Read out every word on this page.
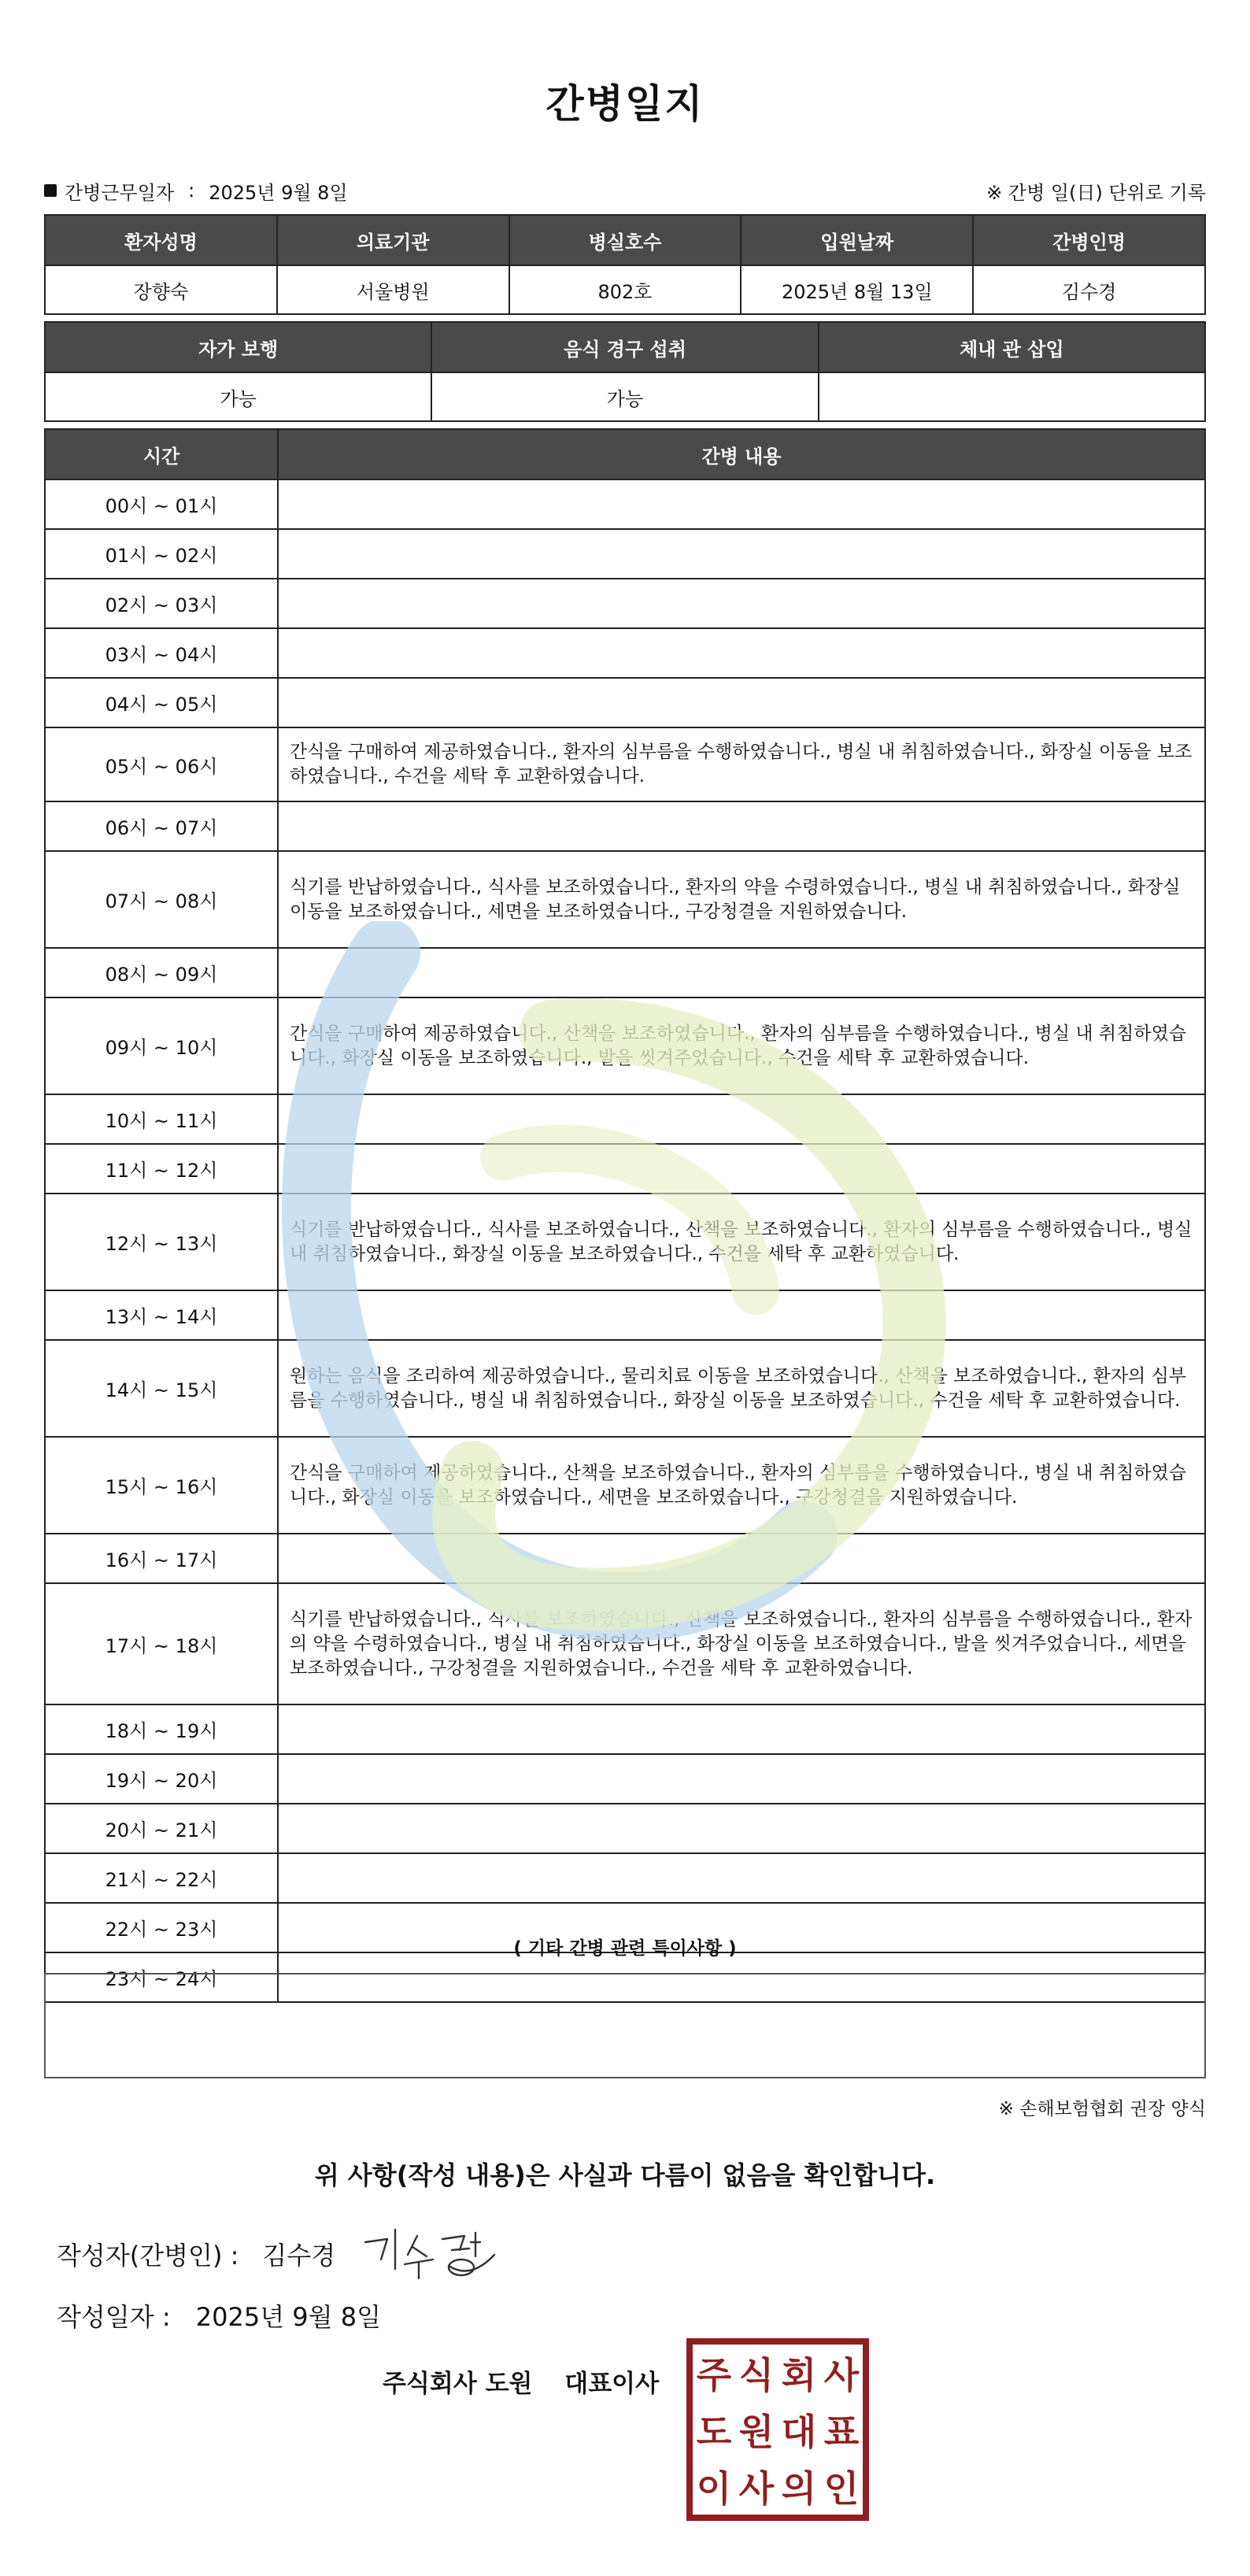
간병일지
간병근무일자 : 2025년 9월 8일	※ 간병 일(日) 단위로 기록
환자성명	의료기관	병실호수	입원날짜	간병인명
장향숙	서울병원	802호	2025년 8월 13일	김수경
자가 보행	음식 경구 섭취	체내 관 삽입
가능	가능	
시간	간병 내용
00시 ~ 01시	
01시 ~ 02시	
02시 ~ 03시	
03시 ~ 04시	
04시 ~ 05시	
05시 ~ 06시	간식을 구매하여 제공하였습니다., 환자의 심부름을 수행하였습니다., 병실 내 취침하였습니다., 화장실 이동을 보조하였습니다., 수건을 세탁 후 교환하였습니다.
06시 ~ 07시	
07시 ~ 08시	식기를 반납하였습니다., 식사를 보조하였습니다., 환자의 약을 수령하였습니다., 병실 내 취침하였습니다., 화장실 이동을 보조하였습니다., 세면을 보조하였습니다., 구강청결을 지원하였습니다.
08시 ~ 09시	
09시 ~ 10시	간식을 구매하여 제공하였습니다., 산책을 보조하였습니다., 환자의 심부름을 수행하였습니다., 병실 내 취침하였습니다., 화장실 이동을 보조하였습니다., 발을 씻겨주었습니다., 수건을 세탁 후 교환하였습니다.
10시 ~ 11시	
11시 ~ 12시	
12시 ~ 13시	식기를 반납하였습니다., 식사를 보조하였습니다., 산책을 보조하였습니다., 환자의 심부름을 수행하였습니다., 병실 내 취침하였습니다., 화장실 이동을 보조하였습니다., 수건을 세탁 후 교환하였습니다.
13시 ~ 14시	
14시 ~ 15시	원하는 음식을 조리하여 제공하였습니다., 물리치료 이동을 보조하였습니다., 산책을 보조하였습니다., 환자의 심부름을 수행하였습니다., 병실 내 취침하였습니다., 화장실 이동을 보조하였습니다., 수건을 세탁 후 교환하였습니다.
15시 ~ 16시	간식을 구매하여 제공하였습니다., 산책을 보조하였습니다., 환자의 심부름을 수행하였습니다., 병실 내 취침하였습니다., 화장실 이동을 보조하였습니다., 세면을 보조하였습니다., 구강청결을 지원하였습니다.
16시 ~ 17시	
17시 ~ 18시	식기를 반납하였습니다., 식사를 보조하였습니다., 산책을 보조하였습니다., 환자의 심부름을 수행하였습니다., 환자의 약을 수령하였습니다., 병실 내 취침하였습니다., 화장실 이동을 보조하였습니다., 발을 씻겨주었습니다., 세면을 보조하였습니다., 구강청결을 지원하였습니다., 수건을 세탁 후 교환하였습니다.
18시 ~ 19시	
19시 ~ 20시	
20시 ~ 21시	
21시 ~ 22시	
22시 ~ 23시	
23시 ~ 24시	
( 기타 간병 관련 특이사항 )
※ 손해보험협회 권장 양식
위 사항(작성 내용)은 사실과 다름이 없음을 확인합니다.
작성자(간병인) : 김수경
작성일자 : 2025년 9월 8일
주식회사 도원 대표이사 주 식 회 사
도 원 대 표
이 사 의 인
